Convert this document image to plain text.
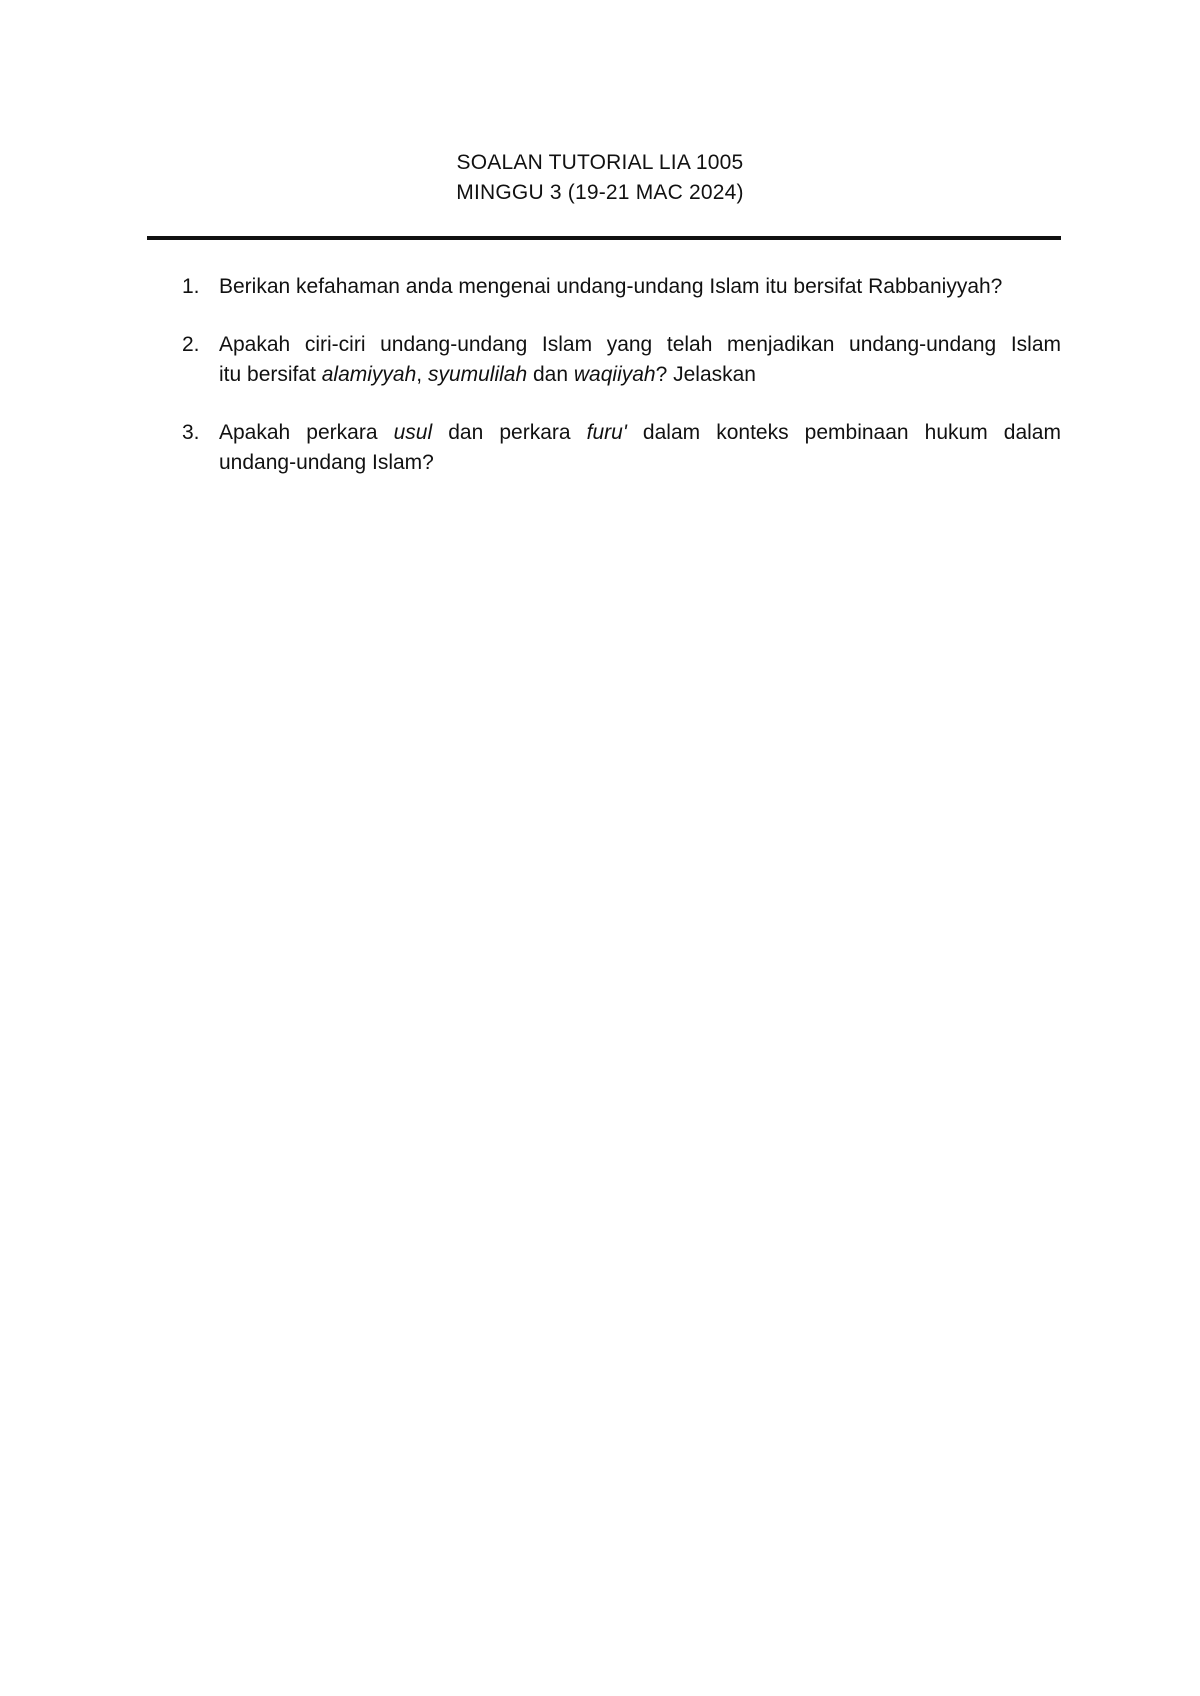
SOALAN TUTORIAL LIA 1005
MINGGU 3 (19-21 MAC 2024)
1. Berikan kefahaman anda mengenai undang-undang Islam itu bersifat Rabbaniyyah?
2. Apakah ciri-ciri undang-undang Islam yang telah menjadikan undang-undang Islam
itu bersifat alamiyyah, syumulilah dan waqiiyah? Jelaskan
3. Apakah perkara usul dan perkara furu' dalam konteks pembinaan hukum dalam
undang-undang Islam?
